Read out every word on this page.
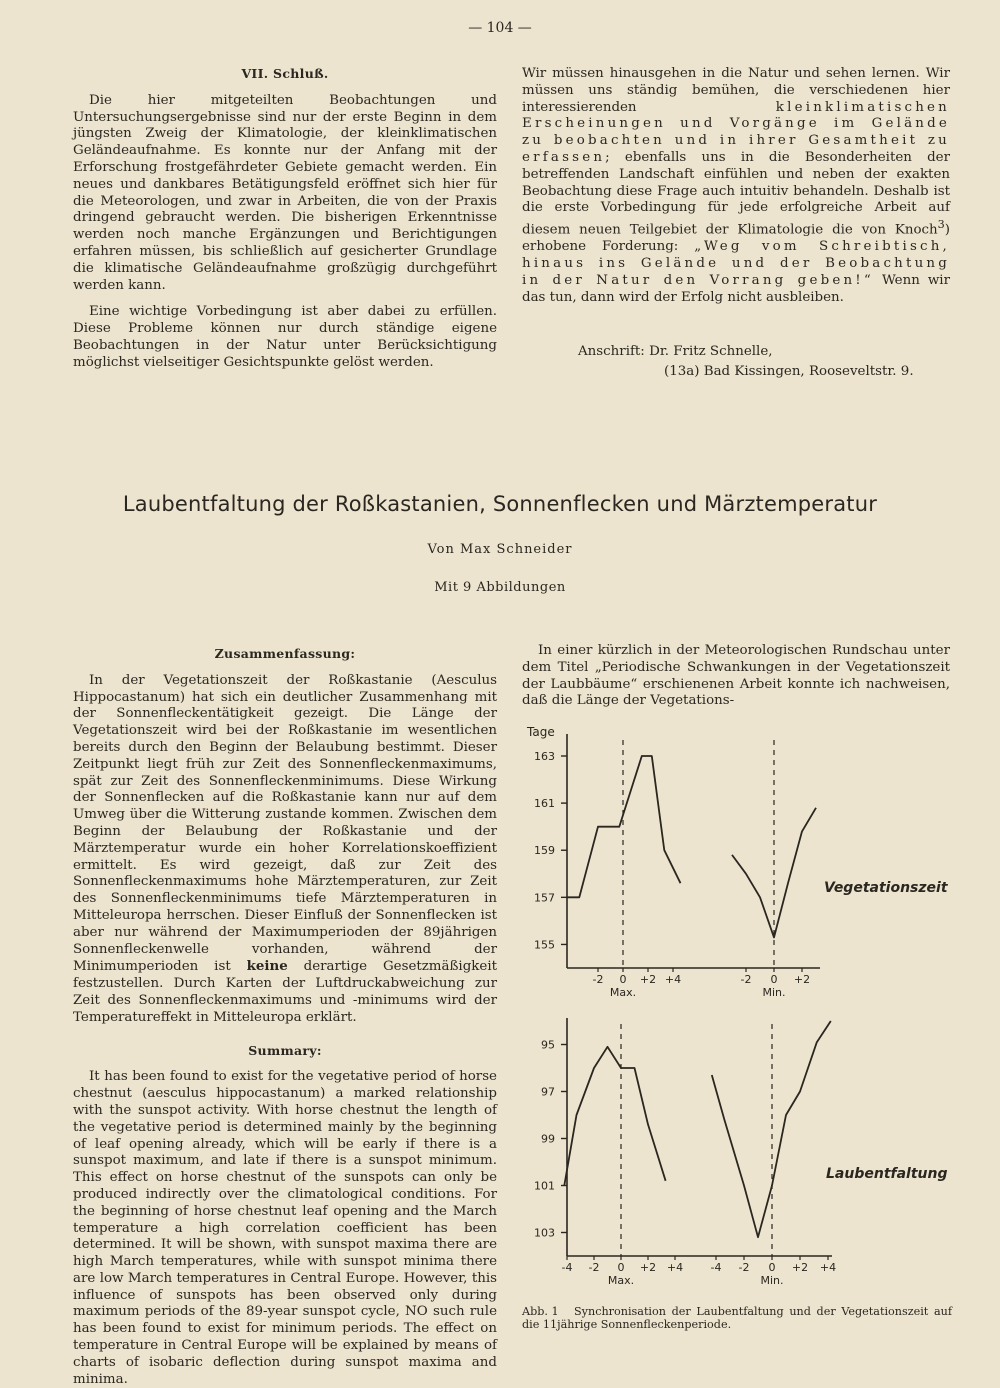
— 104 —

VII. Schluß.

Die hier mitgeteilten Beobachtungen und Untersuchungsergebnisse sind nur der erste Beginn in dem jüngsten Zweig der Klimatologie, der kleinklimatischen Geländeaufnahme. Es konnte nur der Anfang mit der Erforschung frostgefährdeter Gebiete gemacht werden. Ein neues und dankbares Betätigungsfeld eröffnet sich hier für die Meteorologen, und zwar in Arbeiten, die von der Praxis dringend gebraucht werden. Die bisherigen Erkenntnisse werden noch manche Ergänzungen und Berichtigungen erfahren müssen, bis schließlich auf gesicherter Grundlage die klimatische Geländeaufnahme großzügig durchgeführt werden kann.

Eine wichtige Vorbedingung ist aber dabei zu erfüllen. Diese Probleme können nur durch ständige eigene Beobachtungen in der Natur unter Berücksichtigung möglichst vielseitiger Gesichtspunkte gelöst werden.

Wir müssen hinausgehen in die Natur und sehen lernen. Wir müssen uns ständig bemühen, die verschiedenen hier interessierenden kleinklimatischen Erscheinungen und Vorgänge im Gelände zu beobachten und in ihrer Gesamtheit zu erfassen; ebenfalls uns in die Besonderheiten der betreffenden Landschaft einfühlen und neben der exakten Beobachtung diese Frage auch intuitiv behandeln. Deshalb ist die erste Vorbedingung für jede erfolgreiche Arbeit auf diesem neuen Teilgebiet der Klimatologie die von Knoch$^3$) erhobene Forderung: „Weg vom Schreibtisch, hinaus ins Gelände und der Beobachtung in der Natur den Vorrang geben!“ Wenn wir das tun, dann wird der Erfolg nicht ausbleiben.

Anschrift: Dr. Fritz Schnelle,
(13a) Bad Kissingen, Rooseveltstr. 9.
Laubentfaltung der Roßkastanien, Sonnenflecken und Märztemperatur
Von Max Schneider
Mit 9 Abbildungen

Zusammenfassung:

In der Vegetationszeit der Roßkastanie (Aesculus Hippocastanum) hat sich ein deutlicher Zusammenhang mit der Sonnenfleckentätigkeit gezeigt. Die Länge der Vegetationszeit wird bei der Roßkastanie im wesentlichen bereits durch den Beginn der Belaubung bestimmt. Dieser Zeitpunkt liegt früh zur Zeit des Sonnenfleckenmaximums, spät zur Zeit des Sonnenfleckenminimums. Diese Wirkung der Sonnenflecken auf die Roßkastanie kann nur auf dem Umweg über die Witterung zustande kommen. Zwischen dem Beginn der Belaubung der Roßkastanie und der Märztemperatur wurde ein hoher Korrelationskoeffizient ermittelt. Es wird gezeigt, daß zur Zeit des Sonnenfleckenmaximums hohe Märztemperaturen, zur Zeit des Sonnenfleckenminimums tiefe Märztemperaturen in Mitteleuropa herrschen. Dieser Einfluß der Sonnenflecken ist aber nur während der Maximumperioden der 89jährigen Sonnenfleckenwelle vorhanden, während der Minimumperioden ist keine derartige Gesetzmäßigkeit festzustellen. Durch Karten der Luftdruckabweichung zur Zeit des Sonnenfleckenmaximums und -minimums wird der Temperatureffekt in Mitteleuropa erklärt.

Summary:

It has been found to exist for the vegetative period of horse chestnut (aesculus hippocastanum) a marked relationship with the sunspot activity. With horse chestnut the length of the vegetative period is determined mainly by the beginning of leaf opening already, which will be early if there is a sunspot maximum, and late if there is a sunspot minimum. This effect on horse chestnut of the sunspots can only be produced indirectly over the climatological conditions. For the beginning of horse chestnut leaf opening and the March temperature a high correlation coefficient has been determined. It will be shown, with sunspot maxima there are high March temperatures, while with sunspot minima there are low March temperatures in Central Europe. However, this influence of sunspots has been observed only during maximum periods of the 89-year sunspot cycle, NO such rule has been found to exist for minimum periods. The effect on temperature in Central Europe will be explained by means of charts of isobaric deflection during sunspot maxima and minima.

In einer kürzlich in der Meteorologischen Rundschau unter dem Titel „Periodische Schwankungen in der Vegetationszeit der Laubbäume“ erschienenen Arbeit konnte ich nachweisen, daß die Länge der Vegetations-

Tage
163
161
159
157
155
Max.	Min.
-2 0 +2 +4	-2 0 +2
Vegetationszeit
95
97
99
101
103
Max.	Min.
-4 -2 0 +2 +4 -4 -2 0 +2 +4
Laubentfaltung
Abb. 1 Synchronisation der Laubentfaltung und der Vegetationszeit auf die 11jährige Sonnenfleckenperiode.
